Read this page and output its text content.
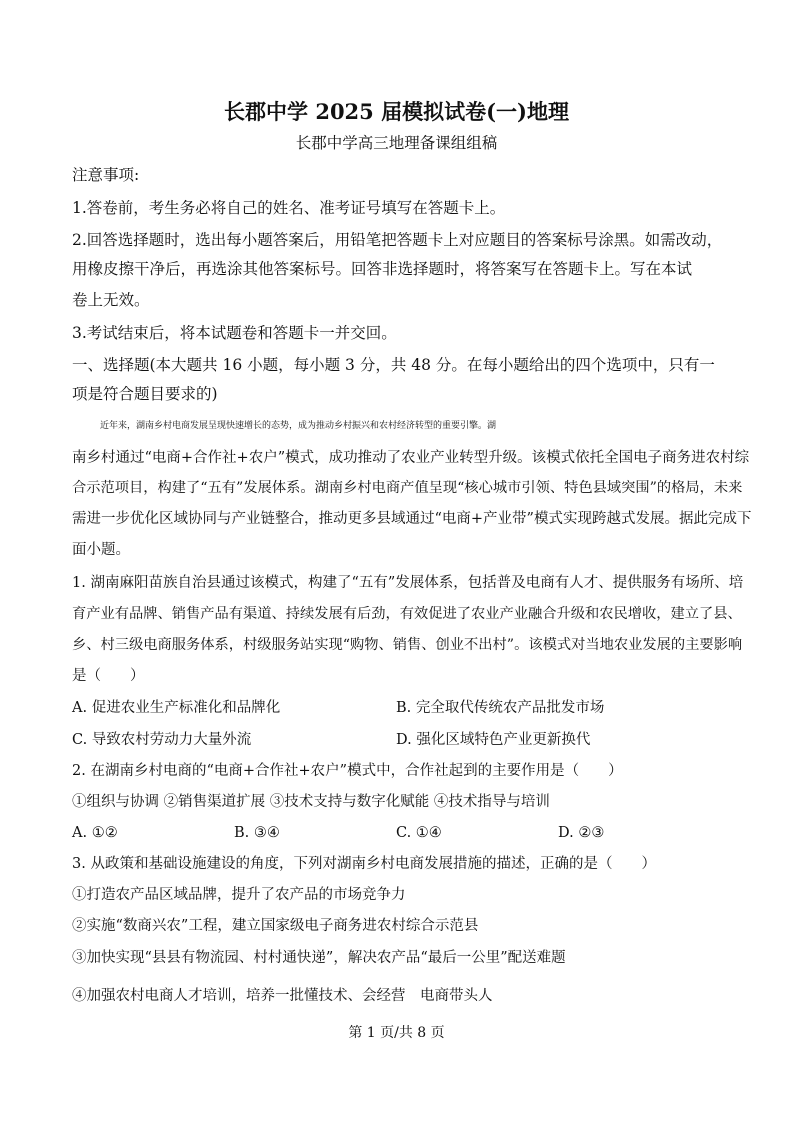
长郡中学 2025 届模拟试卷(一)地理
长郡中学高三地理备课组组稿
注意事项:
1.答卷前，考生务必将自己的姓名、准考证号填写在答题卡上。
2.回答选择题时，选出每小题答案后，用铅笔把答题卡上对应题目的答案标号涂黑。如需改动，
用橡皮擦干净后，再选涂其他答案标号。回答非选择题时，将答案写在答题卡上。写在本试
卷上无效。
3.考试结束后，将本试题卷和答题卡一并交回。
一、选择题(本大题共 16 小题，每小题 3 分，共 48 分。在每小题给出的四个选项中，只有一
项是符合题目要求的)
近年来，湖南乡村电商发展呈现快速增长的态势，成为推动乡村振兴和农村经济转型的重要引擎。湖
南乡村通过“电商+合作社+农户”模式，成功推动了农业产业转型升级。该模式依托全国电子商务进农村综
合示范项目，构建了“五有”发展体系。湖南乡村电商产值呈现“核心城市引领、特色县域突围”的格局，未来
需进一步优化区域协同与产业链整合，推动更多县域通过“电商+产业带”模式实现跨越式发展。据此完成下
面小题。
1. 湖南麻阳苗族自治县通过该模式，构建了“五有”发展体系，包括普及电商有人才、提供服务有场所、培
育产业有品牌、销售产品有渠道、持续发展有后劲，有效促进了农业产业融合升级和农民增收，建立了县、
乡、村三级电商服务体系，村级服务站实现“购物、销售、创业不出村”。该模式对当地农业发展的主要影响
是（　　）
A. 促进农业生产标准化和品牌化	B. 完全取代传统农产品批发市场
C. 导致农村劳动力大量外流	D. 强化区域特色产业更新换代
2. 在湖南乡村电商的“电商+合作社+农户”模式中，合作社起到的主要作用是（　　）
①组织与协调 ②销售渠道扩展 ③技术支持与数字化赋能 ④技术指导与培训
A. ①②	B. ③④	C. ①④	D. ②③
3. 从政策和基础设施建设的角度，下列对湖南乡村电商发展措施的描述，正确的是（　　）
①打造农产品区域品牌，提升了农产品的市场竞争力
②实施“数商兴农”工程，建立国家级电子商务进农村综合示范县
③加快实现“县县有物流园、村村通快递”，解决农产品“最后一公里”配送难题
④加强农村电商人才培训，培养一批懂技术、会经营　电商带头人
第 1 页/共 8 页
